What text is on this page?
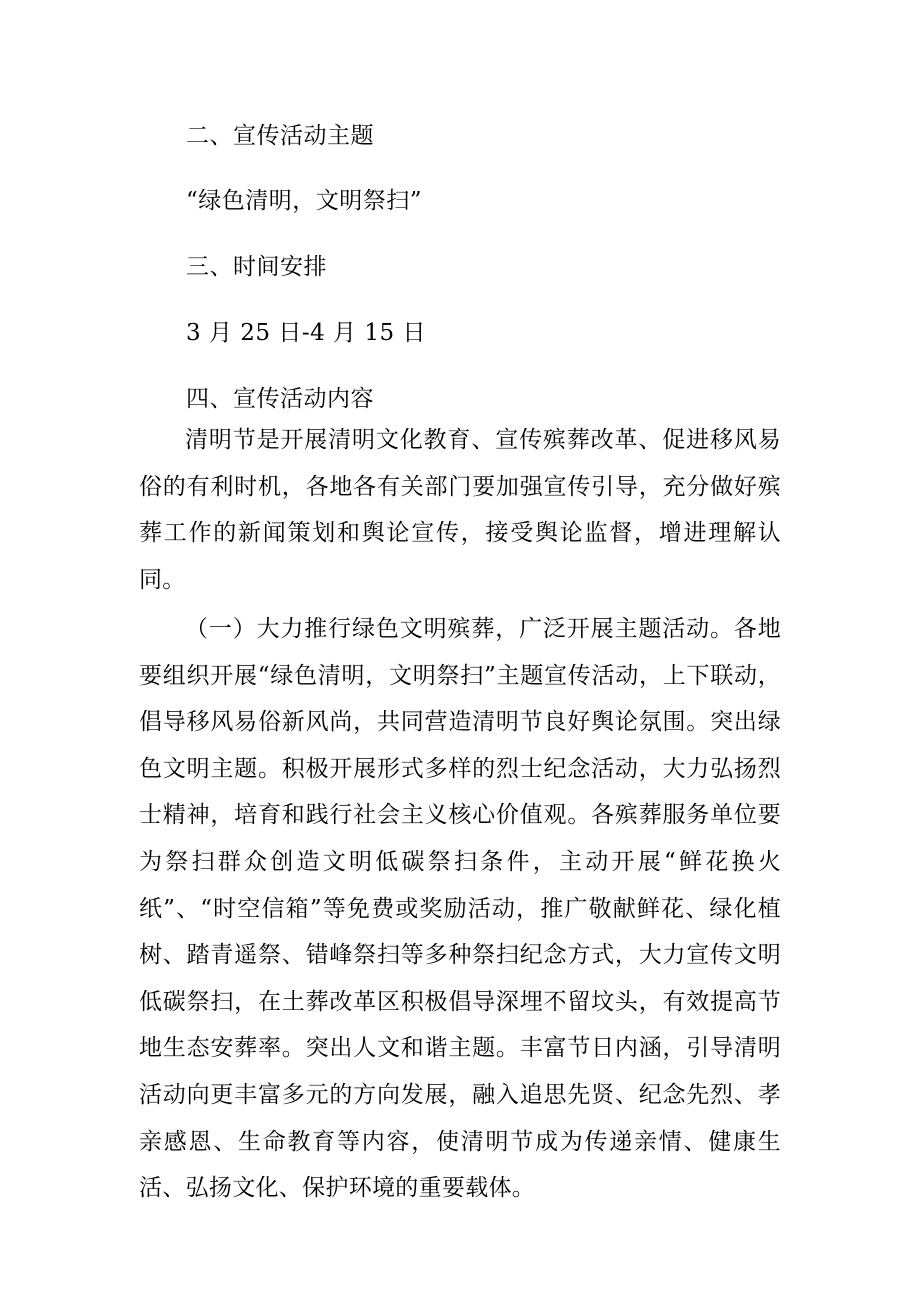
二、宣传活动主题
“绿色清明，文明祭扫”
三、时间安排
3 月 25 日-4 月 15 日
四、宣传活动内容
清明节是开展清明文化教育、宣传殡葬改革、促进移风易俗的有利时机，各地各有关部门要加强宣传引导，充分做好殡葬工作的新闻策划和舆论宣传，接受舆论监督，增进理解认同。
（一）大力推行绿色文明殡葬，广泛开展主题活动。各地要组织开展“绿色清明，文明祭扫”主题宣传活动，上下联动，倡导移风易俗新风尚，共同营造清明节良好舆论氛围。突出绿色文明主题。积极开展形式多样的烈士纪念活动，大力弘扬烈士精神，培育和践行社会主义核心价值观。各殡葬服务单位要为祭扫群众创造文明低碳祭扫条件，主动开展“鲜花换火纸”、“时空信箱”等免费或奖励活动，推广敬献鲜花、绿化植树、踏青遥祭、错峰祭扫等多种祭扫纪念方式，大力宣传文明低碳祭扫，在土葬改革区积极倡导深埋不留坟头，有效提高节地生态安葬率。突出人文和谐主题。丰富节日内涵，引导清明活动向更丰富多元的方向发展，融入追思先贤、纪念先烈、孝亲感恩、生命教育等内容，使清明节成为传递亲情、健康生活、弘扬文化、保护环境的重要载体。
